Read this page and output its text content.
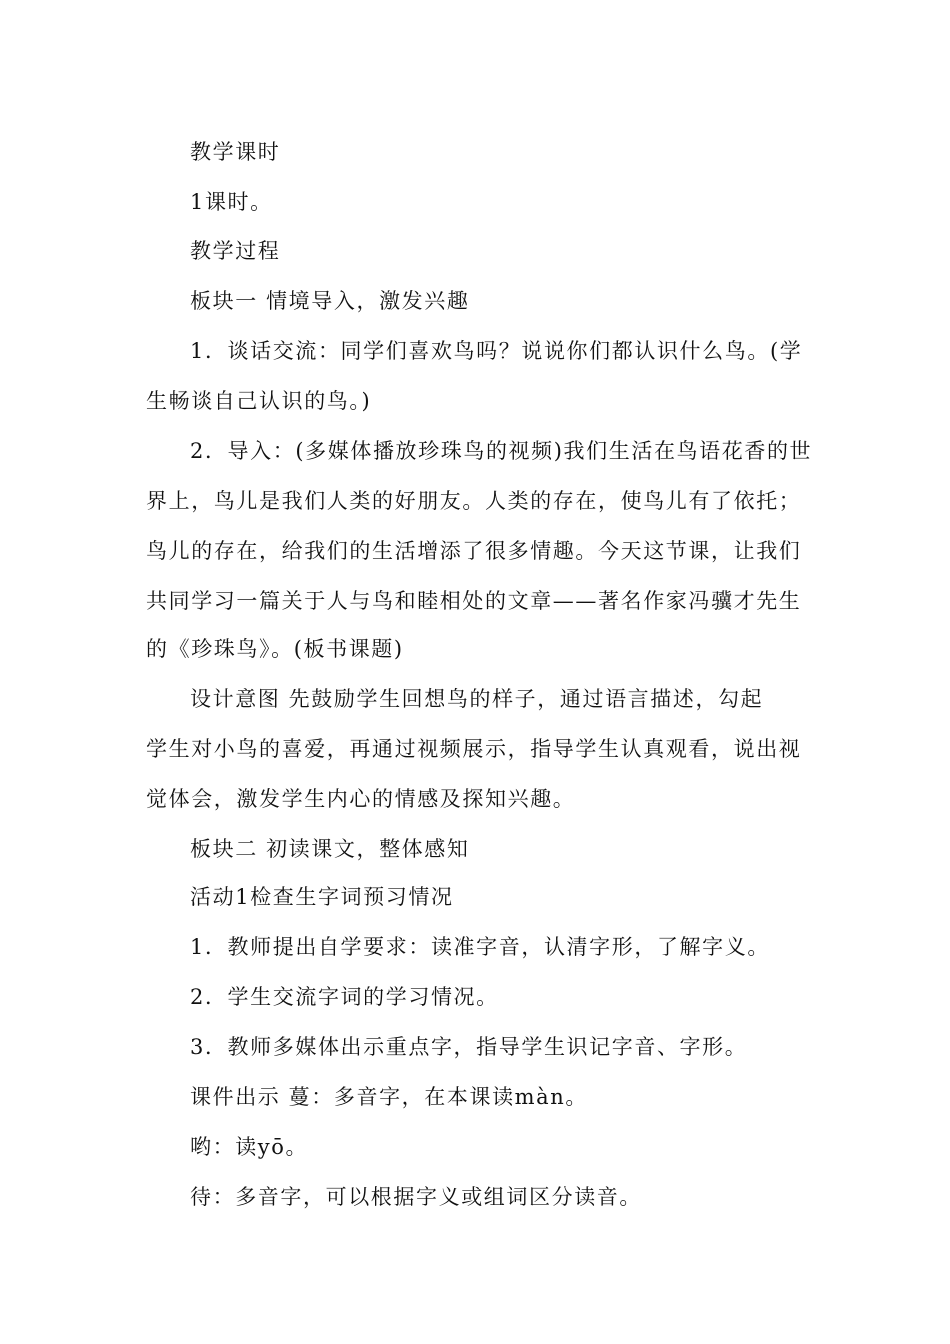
教学课时
1课时。
教学过程
板块一 情境导入，激发兴趣
1．谈话交流：同学们喜欢鸟吗？说说你们都认识什么鸟。(学
生畅谈自己认识的鸟。)
2．导入：(多媒体播放珍珠鸟的视频)我们生活在鸟语花香的世
界上，鸟儿是我们人类的好朋友。人类的存在，使鸟儿有了依托；
鸟儿的存在，给我们的生活增添了很多情趣。今天这节课，让我们
共同学习一篇关于人与鸟和睦相处的文章——著名作家冯骥才先生
的《珍珠鸟》。(板书课题)
设计意图 先鼓励学生回想鸟的样子，通过语言描述，勾起
学生对小鸟的喜爱，再通过视频展示，指导学生认真观看，说出视
觉体会，激发学生内心的情感及探知兴趣。
板块二 初读课文，整体感知
活动1检查生字词预习情况
1．教师提出自学要求：读准字音，认清字形，了解字义。
2．学生交流字词的学习情况。
3．教师多媒体出示重点字，指导学生识记字音、字形。
课件出示 蔓：多音字，在本课读màn。
哟：读yō。
待：多音字，可以根据字义或组词区分读音。
